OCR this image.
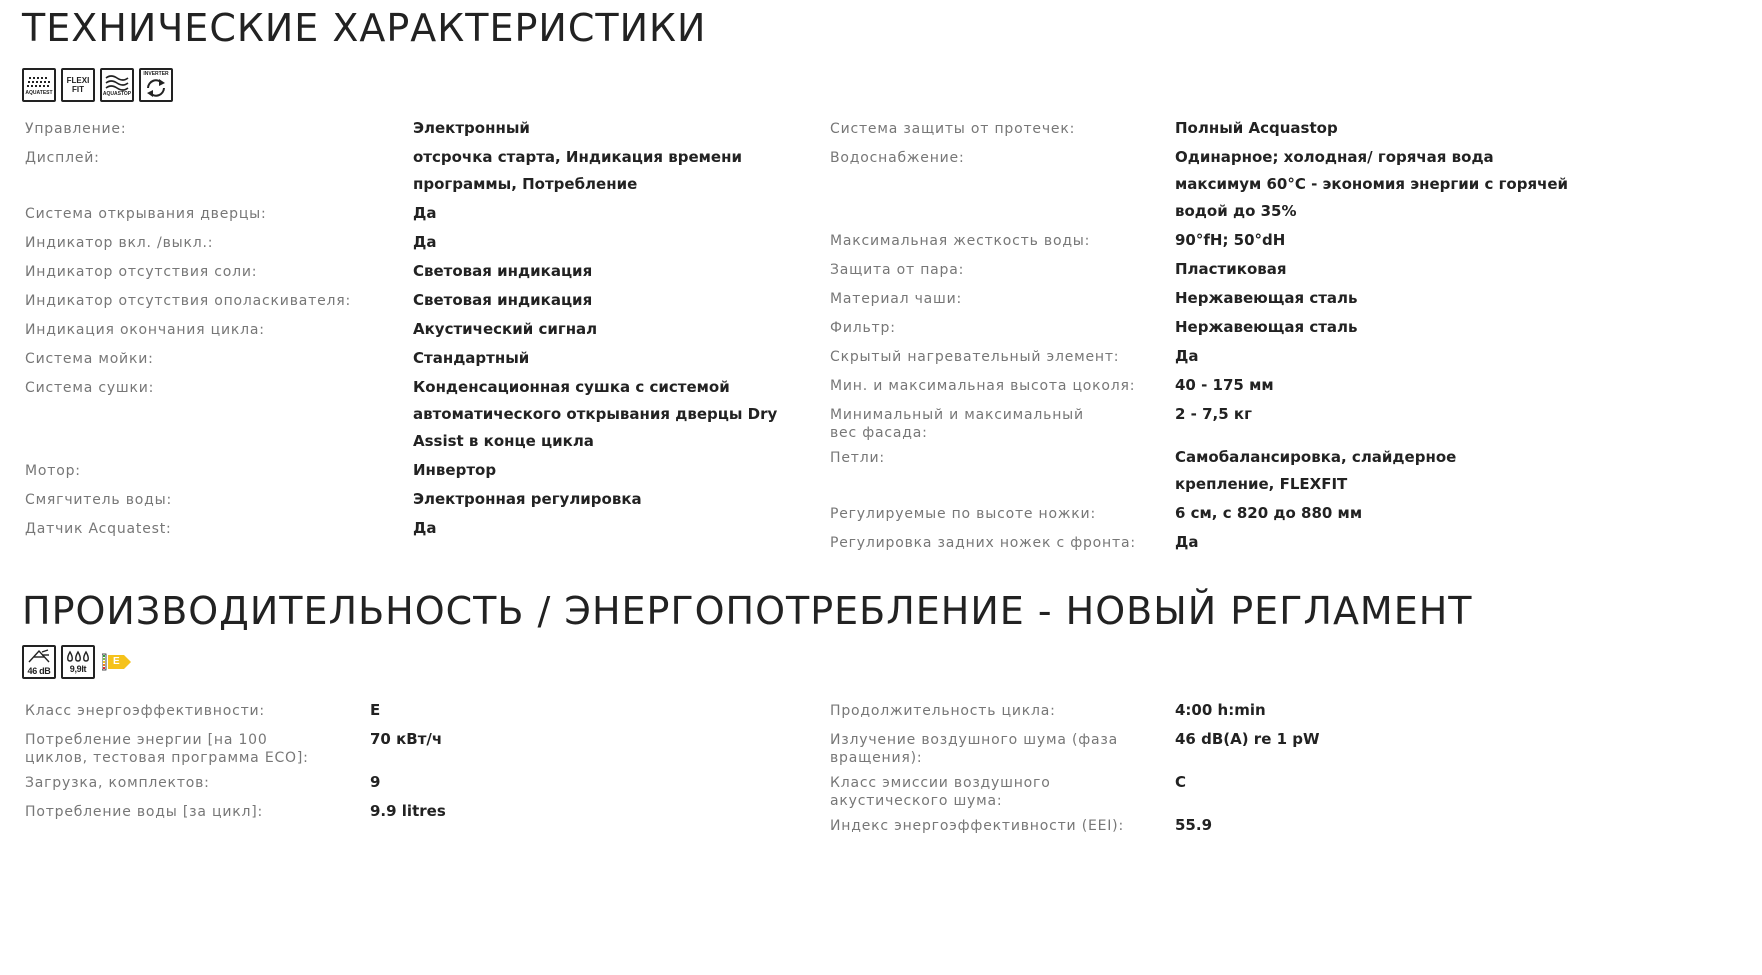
ТЕХНИЧЕСКИЕ ХАРАКТЕРИСТИКИ
AQUATEST
FLEXI FIT	AQUASTOP
INVERTER
Управление:	Электронный
Дисплей:	отсрочка старта, Индикация времени программы, Потребление
Система открывания дверцы:	Да
Индикатор вкл. /выкл.:	Да
Индикатор отсутствия соли:	Световая индикация
Индикатор отсутствия ополаскивателя:	Световая индикация
Индикация окончания цикла:	Акустический сигнал
Система мойки:	Стандартный
Система сушки:	Конденсационная сушка с системой автоматического открывания дверцы Dry Assist в конце цикла
Мотор:	Инвертор
Смягчитель воды:	Электронная регулировка
Датчик Acquatest:	Да
Система защиты от протечек:	Полный Acquastop
Водоснабжение:	Одинарное; холодная/ горячая вода максимум 60°C - экономия энергии с горячей водой до 35%
Максимальная жесткость воды:	90°fH; 50°dH
Защита от пара:	Пластиковая
Материал чаши:	Нержавеющая сталь
Фильтр:	Нержавеющая сталь
Скрытый нагревательный элемент:	Да
Мин. и максимальная высота цоколя:	40 - 175 мм
Минимальный и максимальный вес фасада:
2 - 7,5 кг
Петли:	Самобалансировка, слайдерное крепление, FLEXFIT
Регулируемые по высоте ножки:	6 см, с 820 до 880 мм
Регулировка задних ножек с фронта:	Да
ПРОИЗВОДИТЕЛЬНОСТЬ / ЭНЕРГОПОТРЕБЛЕНИЕ - НОВЫЙ РЕГЛАМЕНТ
46 dB 9,9lt
E
Класс энергоэффективности:	E
Потребление энергии [на 100 циклов, тестовая программа ECO]:
70 кВт/ч
Загрузка, комплектов:	9
Потребление воды [за цикл]:	9.9 litres
Продолжительность цикла:	4:00 h:min
Излучение воздушного шума (фаза вращения):
46 dB(A) re 1 pW
Класс эмиссии воздушного акустического шума:
C
Индекс энергоэффективности (EEI):	55.9
